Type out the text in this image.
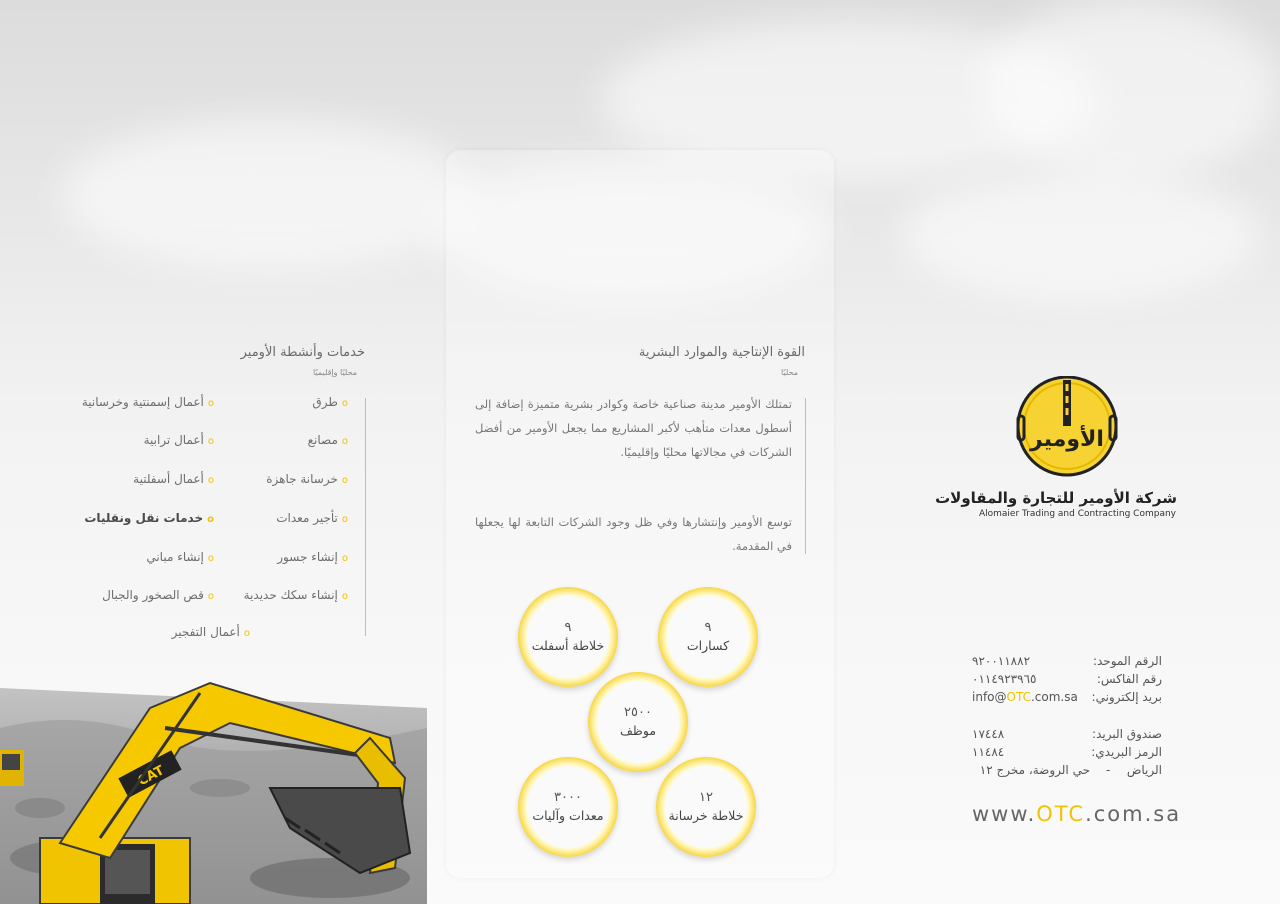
الأومير
شركة الأومير للتجارة والمقاولات
Alomaier Trading and Contracting Company
الرقم الموحد:
٩٢٠٠١١٨٨٢
رقم الفاكس:
٠١١٤٩٢٣٩٦٥
بريد إلكتروني:
info@OTC.com.sa
صندوق البريد:
١٧٤٤٨
الرمز البريدي:
١١٤٨٤
الرياض
-
حي الروضة، مخرج ١٢
www.OTC.com.sa
القوة الإنتاجية والموارد البشرية
محليًا
تمتلك الأومير مدينة صناعية خاصة وكوادر بشرية متميزة إضافة إلى أسطول معدات متأهب لأكبر المشاريع مما يجعل الأومير من أفضل الشركات في مجالاتها محليًا وإقليميًا.
توسع الأومير وإنتشارها وفي ظل وجود الشركات التابعة لها يجعلها في المقدمة.
٩
كسارات
٩
خلاطة أسفلت
٢٥٠٠
موظف
١٢
خلاطة خرسانة
٣٠٠٠
معدات وآليات
خدمات وأنشطة الأومير
محليًا وإقليميًا
oطرق
oمصانع
oخرسانة جاهزة
oتأجير معدات
oإنشاء جسور
oإنشاء سكك حديدية
oأعمال إسمنتية وخرسانية
oأعمال ترابية
oأعمال أسفلتية
oخدمات نقل ونقليات
oإنشاء مباني
oقص الصخور والجبال
oأعمال التفجير
CAT
